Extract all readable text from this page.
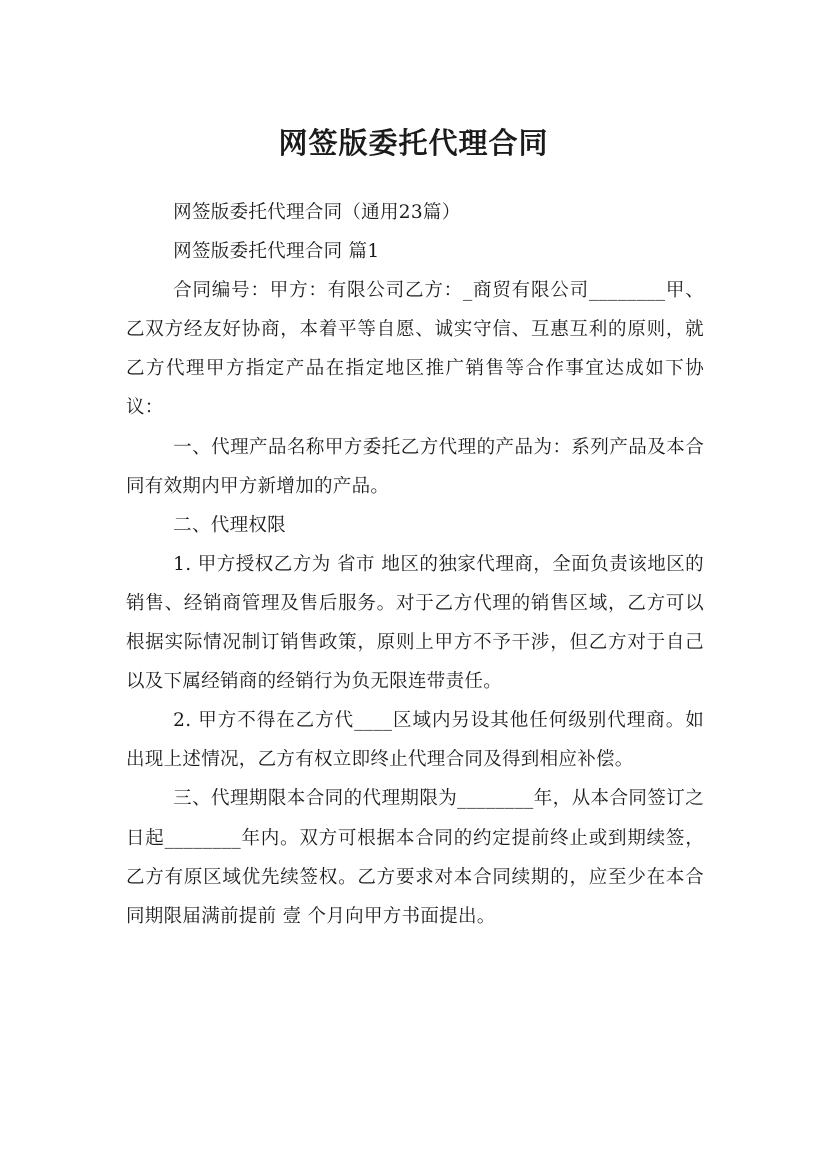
网签版委托代理合同

网签版委托代理合同（通用23篇）

网签版委托代理合同 篇1

合同编号：甲方：有限公司乙方：_商贸有限公司________甲、乙双方经友好协商，本着平等自愿、诚实守信、互惠互利的原则，就乙方代理甲方指定产品在指定地区推广销售等合作事宜达成如下协议：

一、代理产品名称甲方委托乙方代理的产品为：系列产品及本合同有效期内甲方新增加的产品。

二、代理权限

1. 甲方授权乙方为 省市 地区的独家代理商，全面负责该地区的销售、经销商管理及售后服务。对于乙方代理的销售区域，乙方可以根据实际情况制订销售政策，原则上甲方不予干涉，但乙方对于自己以及下属经销商的经销行为负无限连带责任。

2. 甲方不得在乙方代____区域内另设其他任何级别代理商。如出现上述情况，乙方有权立即终止代理合同及得到相应补偿。

三、代理期限本合同的代理期限为________年，从本合同签订之日起________年内。双方可根据本合同的约定提前终止或到期续签，乙方有原区域优先续签权。乙方要求对本合同续期的，应至少在本合同期限届满前提前 壹 个月向甲方书面提出。
